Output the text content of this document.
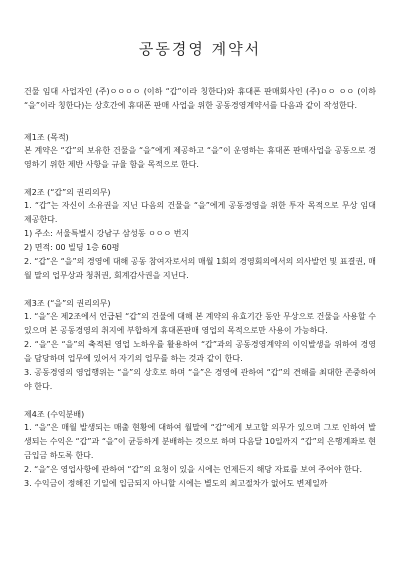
공동경영 계약서

건물 임대 사업자인 (주)ㅇㅇㅇㅇ (이하 “갑”이라 칭한다)와 휴대폰 판매회사인 (주)ㅇㅇ ㅇㅇ (이하 “을”이라 칭한다)는 상호간에 휴대폰 판매 사업을 위한 공동경영계약서를 다음과 같이 작성한다.

제1조 (목적)

본 계약은 “갑”의 보유한 건물을 “을”에게 제공하고 “을”이 운영하는 휴대폰 판매사업을 공동으로 경영하기 위한 제반 사항을 규율 함을 목적으로 한다.

제2조 (“갑”의 권리의무)

1. “갑”는 자신이 소유권을 지닌 다음의 건물을 “을”에게 공동경영을 위한 투자 목적으로 무상 임대 제공한다.

1) 주소: 서울특별시 강남구 삼성동 ㅇㅇㅇ 번지

2) 면적: 00 빌딩 1층 60평

2. “갑”은 “을”의 경영에 대해 공동 참여자로서의 매월 1회의 경영회의에서의 의사발언 및 표결권, 매월 말의 업무상과 청취권, 회계감사권을 지닌다.

제3조 (“을”의 권리의무)

1. “을”은 제2조에서 언급된 “갑”의 건물에 대해 본 계약의 유효기간 동안 무상으로 건물을 사용할 수 있으며 본 공동경영의 취지에 부합하게 휴대폰판매 영업의 목적으로만 사용이 가능하다.

2. “을”은 “을”의 축적된 영업 노하우를 활용하여 “갑”과의 공동경영계약의 이익발생을 위하여 경영을 담당하며 업무에 있어서 자기의 업무를 하는 것과 같이 한다.

3. 공동경영의 영업행위는 “을”의 상호로 하며 “을”은 경영에 관하여 “갑”의 견해를 최대한 존중하여야 한다.

제4조 (수익분배)

1. “을”은 매월 발생되는 매출 현황에 대하여 월말에 “갑”에게 보고할 의무가 있으며 그로 인하여 발생되는 수익은 “갑”과 “을”이 균등하게 분배하는 것으로 하며 다음달 10일까지 “갑”의 은행계좌로 현금입금 하도록 한다.

2. “을”은 영업사항에 관하여 “갑”의 요청이 있을 시에는 언제든지 해당 자료를 보여 주어야 한다.

3. 수익금이 정해진 기일에 입금되지 아니할 시에는 별도의 최고절차가 없어도 변제일까
